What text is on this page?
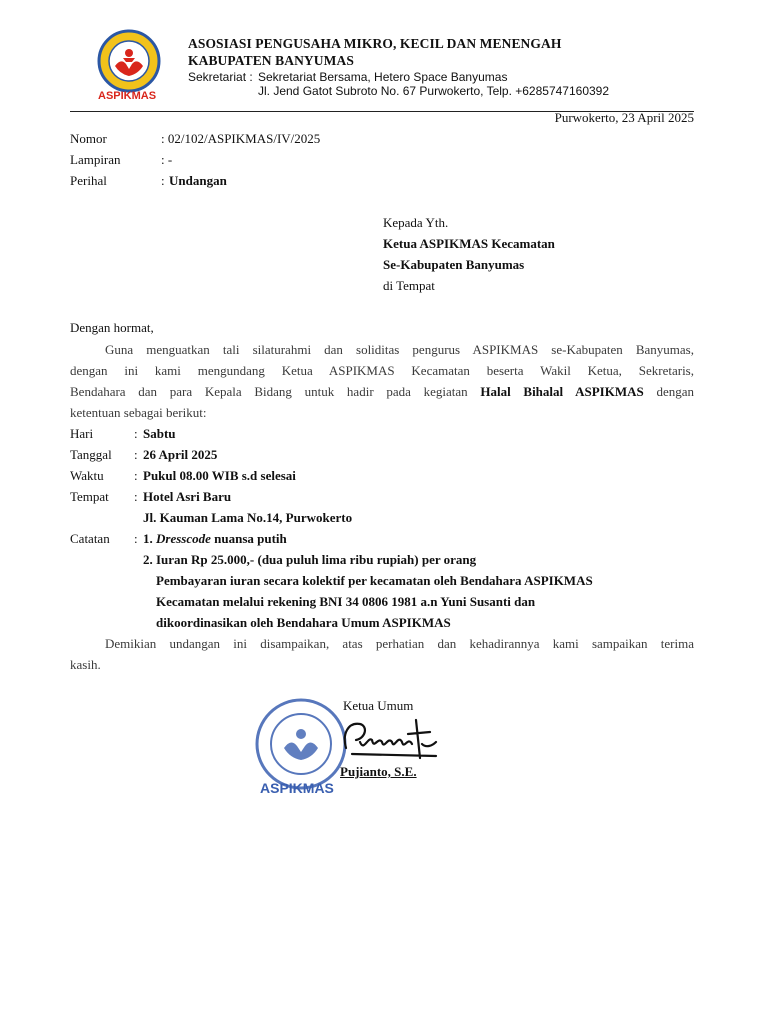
ASPIKMAS
ASOSIASI PENGUSAHA MIKRO, KECIL DAN MENENGAH
KABUPATEN BANYUMAS
Sekretariat : Sekretariat Bersama, Hetero Space Banyumas
Jl. Jend Gatot Subroto No. 67 Purwokerto, Telp. +6285747160392
Purwokerto, 23 April 2025
Nomor	: 02/102/ASPIKMAS/IV/2025
Lampiran	: -
Perihal	: Undangan
Kepada Yth.
Ketua ASPIKMAS Kecamatan
Se-Kabupaten Banyumas
di Tempat
Dengan hormat,
Guna menguatkan tali silaturahmi dan soliditas pengurus ASPIKMAS se-Kabupaten Banyumas,
dengan ini kami mengundang Ketua ASPIKMAS Kecamatan beserta Wakil Ketua, Sekretaris,
Bendahara dan para Kepala Bidang untuk hadir pada kegiatan Halal Bihalal ASPIKMAS dengan
ketentuan sebagai berikut:
Hari	: Sabtu
Tanggal : 26 April 2025
Waktu : Pukul 08.00 WIB s.d selesai
Tempat : Hotel Asri Baru
Jl. Kauman Lama No.14, Purwokerto
Catatan : 1. Dresscode nuansa putih
2. Iuran Rp 25.000,- (dua puluh lima ribu rupiah) per orang
Pembayaran iuran secara kolektif per kecamatan oleh Bendahara ASPIKMAS
Kecamatan melalui rekening BNI 34 0806 1981 a.n Yuni Susanti dan
dikoordinasikan oleh Bendahara Umum ASPIKMAS
Demikian undangan ini disampaikan, atas perhatian dan kehadirannya kami sampaikan terima
kasih.
ASPIKMAS
Ketua Umum
Pujianto, S.E.
